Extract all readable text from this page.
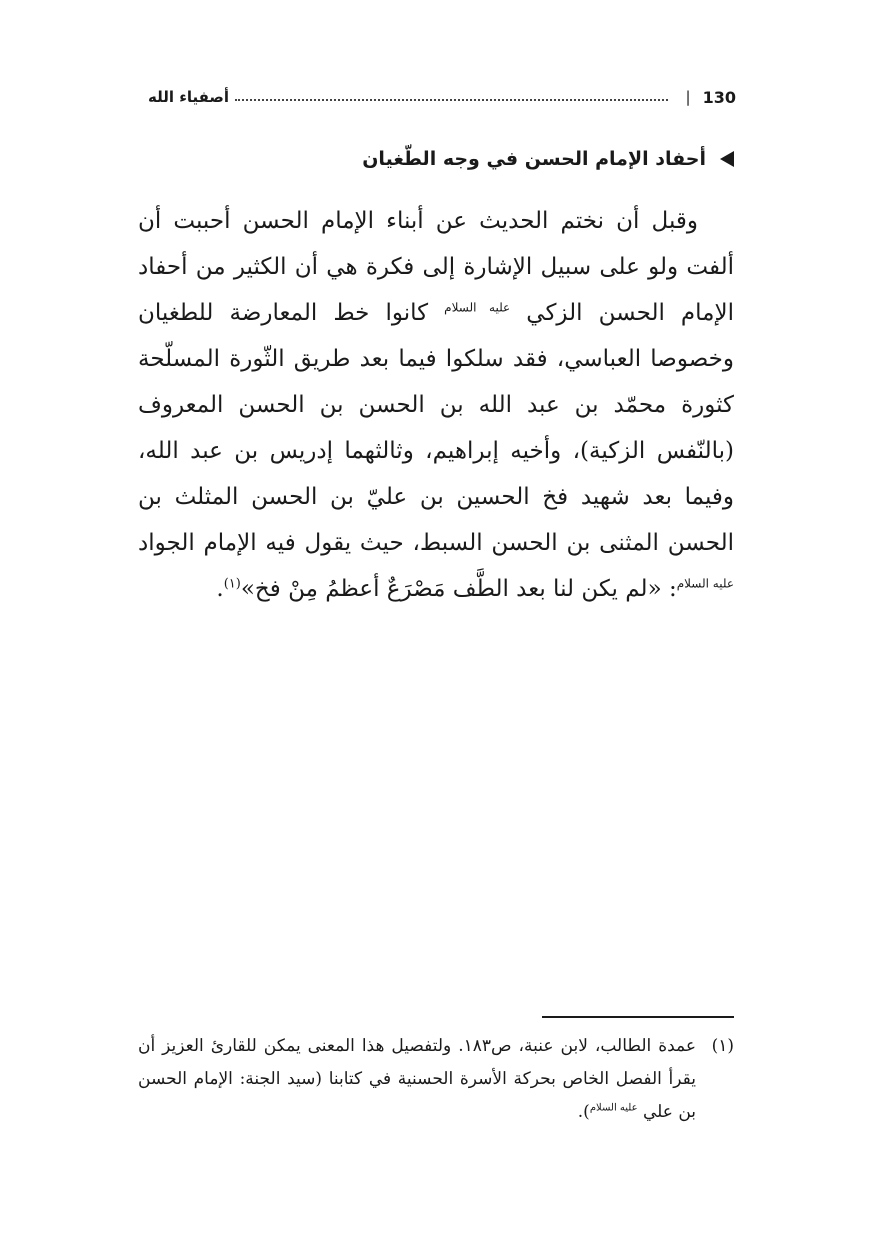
130
|
أصفياء الله
أحفاد الإمام الحسن في وجه الطّغيان

وقبل أن نختم الحديث عن أبناء الإمام الحسن أحببت أن ألفت ولو على سبيل الإشارة إلى فكرة هي أن الكثير من أحفاد الإمام الحسن الزكي $^{عليه السلام}$ كانوا خط المعارضة للطغيان وخصوصا العباسي، فقد سلكوا فيما بعد طريق الثّورة المسلّحة كثورة محمّد بن عبد الله بن الحسن بن الحسن المعروف (بالنّفس الزكية)، وأخيه إبراهيم، وثالثهما إدريس بن عبد الله، وفيما بعد شهيد فخ الحسين بن عليّ بن الحسن المثلث بن الحسن المثنى بن الحسن السبط، حيث يقول فيه الإمام الجواد $^{عليه السلام}$: «لم يكن لنا بعد الطَّف مَصْرَعٌ أعظمُ مِنْ فخ»$^{(١)}$.

(١)عمدة الطالب، لابن عنبة، ص١٨٣. ولتفصيل هذا المعنى يمكن للقارئ العزيز أن يقرأ الفصل الخاص بحركة الأسرة الحسنية في كتابنا (سيد الجنة: الإمام الحسن بن علي $^{عليه السلام}$).
